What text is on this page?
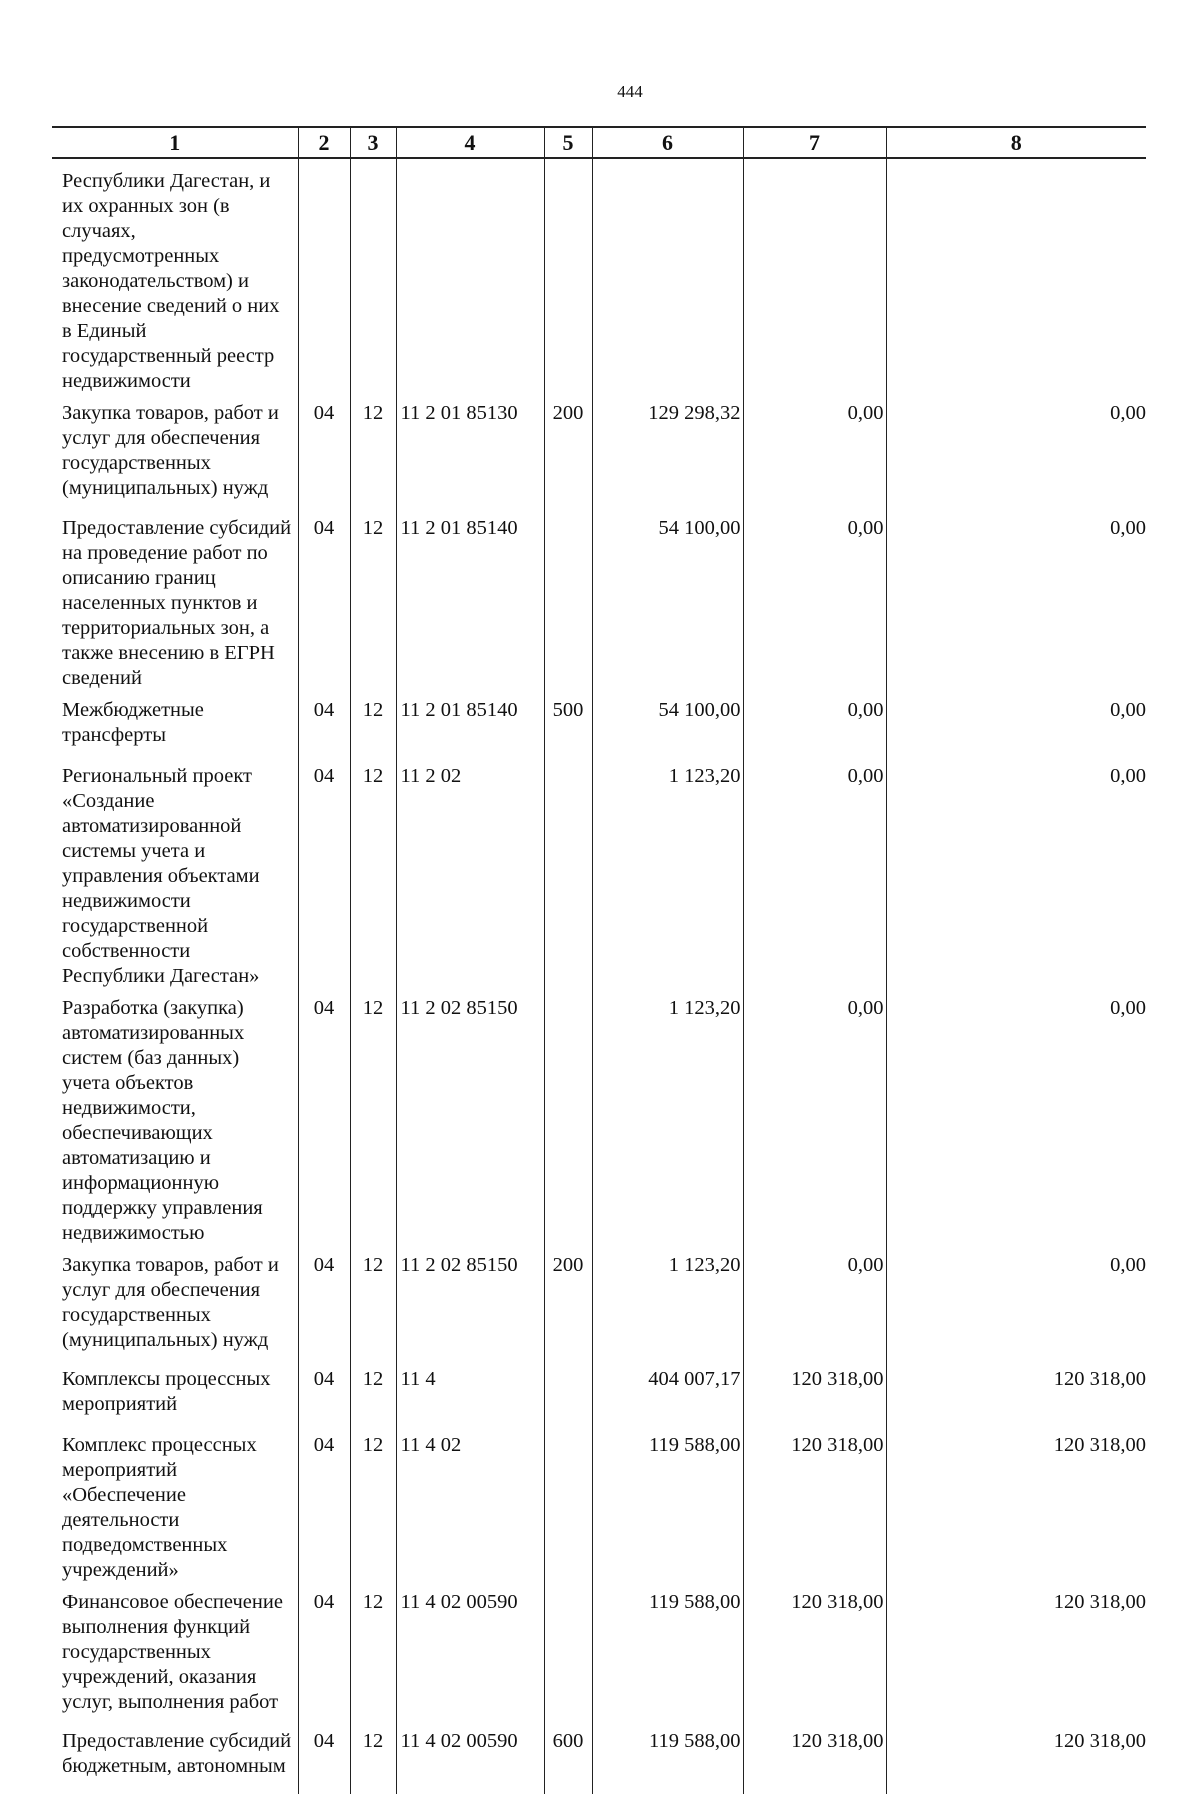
444
1	2	3	4	5	6	7	8
Республики Дагестан, и их охранных зон (в случаях, предусмотренных законодательством) и внесение сведений о них в Единый государственный реестр недвижимости							
Закупка товаров, работ и услуг для обеспечения государственных (муниципальных) нужд	04	12	11 2 01 85130	200	129 298,32	0,00	0,00
Предоставление субсидий на проведение работ по описанию границ населенных пунктов и территориальных зон, а также внесению в ЕГРН сведений	04	12	11 2 01 85140		54 100,00	0,00	0,00
Межбюджетные трансферты	04	12	11 2 01 85140	500	54 100,00	0,00	0,00
Региональный проект «Создание автоматизированной системы учета и управления объектами недвижимости государственной собственности Республики Дагестан»	04	12	11 2 02		1 123,20	0,00	0,00
Разработка (закупка) автоматизированных систем (баз данных) учета объектов недвижимости, обеспечивающих автоматизацию и информационную поддержку управления недвижимостью	04	12	11 2 02 85150		1 123,20	0,00	0,00
Закупка товаров, работ и услуг для обеспечения государственных (муниципальных) нужд	04	12	11 2 02 85150	200	1 123,20	0,00	0,00
Комплексы процессных мероприятий	04	12	11 4		404 007,17	120 318,00	120 318,00
Комплекс процессных мероприятий «Обеспечение деятельности подведомственных учреждений»	04	12	11 4 02		119 588,00	120 318,00	120 318,00
Финансовое обеспечение выполнения функций государственных учреждений, оказания услуг, выполнения работ	04	12	11 4 02 00590		119 588,00	120 318,00	120 318,00
Предоставление субсидий бюджетным, автономным	04	12	11 4 02 00590	600	119 588,00	120 318,00	120 318,00
